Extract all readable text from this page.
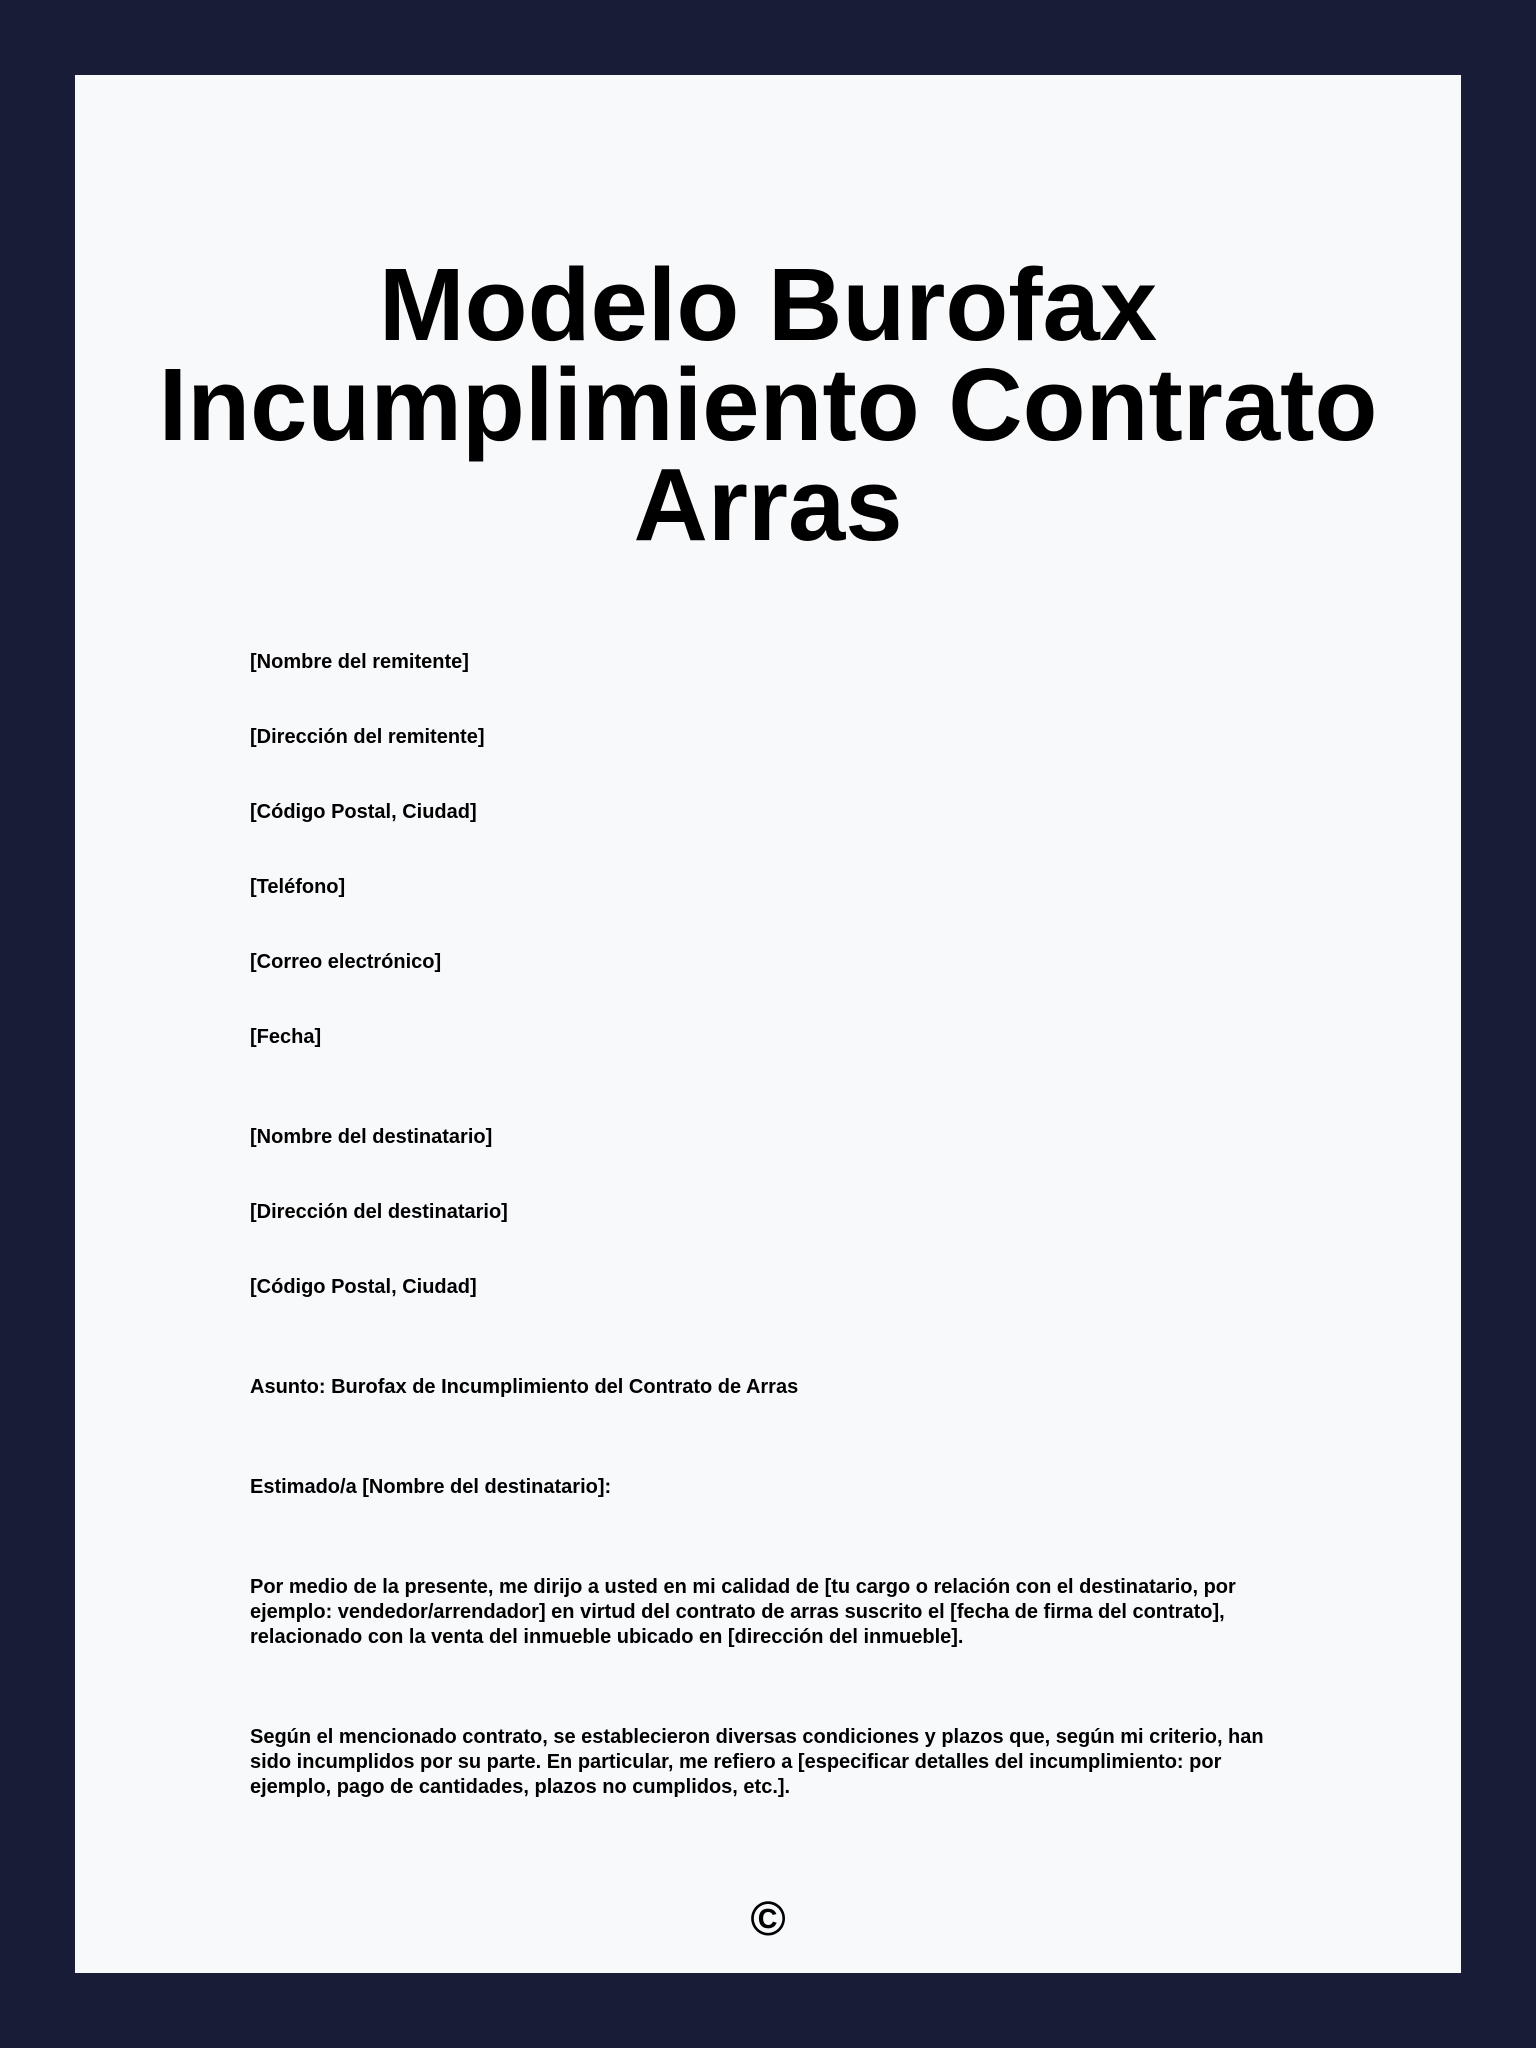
Modelo Burofax
Incumplimiento Contrato
Arras

[Nombre del remitente]

[Dirección del remitente]

[Código Postal, Ciudad]

[Teléfono]

[Correo electrónico]

[Fecha]

[Nombre del destinatario]

[Dirección del destinatario]

[Código Postal, Ciudad]

Asunto: Burofax de Incumplimiento del Contrato de Arras

Estimado/a [Nombre del destinatario]:

Por medio de la presente, me dirijo a usted en mi calidad de [tu cargo o relación con el destinatario, por ejemplo: vendedor/arrendador] en virtud del contrato de arras suscrito el [fecha de firma del contrato], relacionado con la venta del inmueble ubicado en [dirección del inmueble].

Según el mencionado contrato, se establecieron diversas condiciones y plazos que, según mi criterio, han sido incumplidos por su parte. En particular, me refiero a [especificar detalles del incumplimiento: por ejemplo, pago de cantidades, plazos no cumplidos, etc.].

©
